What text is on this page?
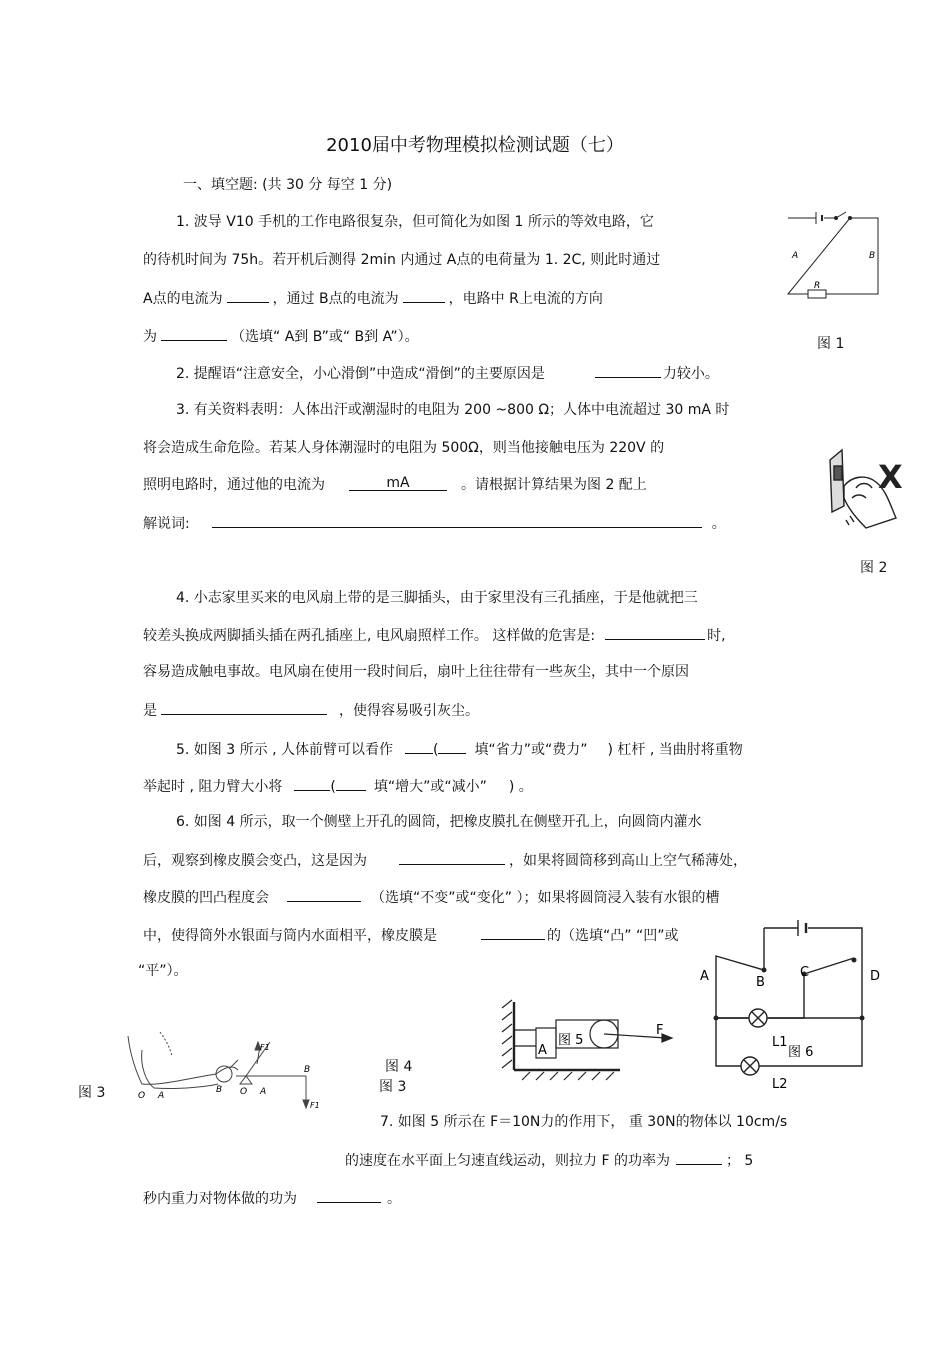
2010届中考物理模拟检测试题（七）
一、填空题: (共 30 分 每空 1 分)
1. 波导 V10 手机的工作电路很复杂，但可简化为如图 1 所示的等效电路，它
的待机时间为 75h。若开机后测得 2min 内通过 A点的电荷量为 1. 2C, 则此时通过
A点的电流为	，通过 B点的电流为	，电路中 R上电流的方向
为	（选填“ A到 B”或“ B到 A”）。
2. 提醒语“注意安全，小心滑倒”中造成“滑倒”的主要原因是	力较小。
3. 有关资料表明：人体出汗或潮湿时的电阻为 200 ~800 Ω；人体中电流超过 30 mA 时
将会造成生命危险。若某人身体潮湿时的电阻为 500Ω，则当他接触电压为 220V 的
照明电路时，通过他的电流为	mA	。请根据计算结果为图 2 配上
解说词:	。
4. 小志家里买来的电风扇上带的是三脚插头，由于家里没有三孔插座，于是他就把三
较差头换成两脚插头插在两孔插座上, 电风扇照样工作。 这样做的危害是:	时,
容易造成触电事故。电风扇在使用一段时间后，扇叶上往往带有一些灰尘，其中一个原因
是	，使得容易吸引灰尘。
5. 如图 3 所示 , 人体前臂可以看作	(	填“省力”或“费力” ) 杠杆 , 当曲肘将重物
举起时 , 阻力臂大小将	(	填“增大”或“减小” ) 。
6. 如图 4 所示，取一个侧壁上开孔的圆筒，把橡皮膜扎在侧壁开孔上，向圆筒内灌水
后，观察到橡皮膜会变凸，这是因为	，如果将圆筒移到高山上空气稀薄处，
橡皮膜的凹凸程度会	（选填“不变”或“变化” ）；如果将圆筒浸入装有水银的槽
中，使得筒外水银面与筒内水面相平，橡皮膜是	的（选填“凸” “凹”或
“平”）。
7. 如图 5 所示在 F＝10N力的作用下， 重 30N的物体以 10cm/s
的速度在水平面上匀速直线运动，则拉力 F 的功率为	； 5
秒内重力对物体做的功为	。
A	B
R
图 1
X
图 2
图 3	O A
B O A
B
F1
F1
图 4
图 3
A
F
图 5
A	B
C	D
L1
L2
图 6
